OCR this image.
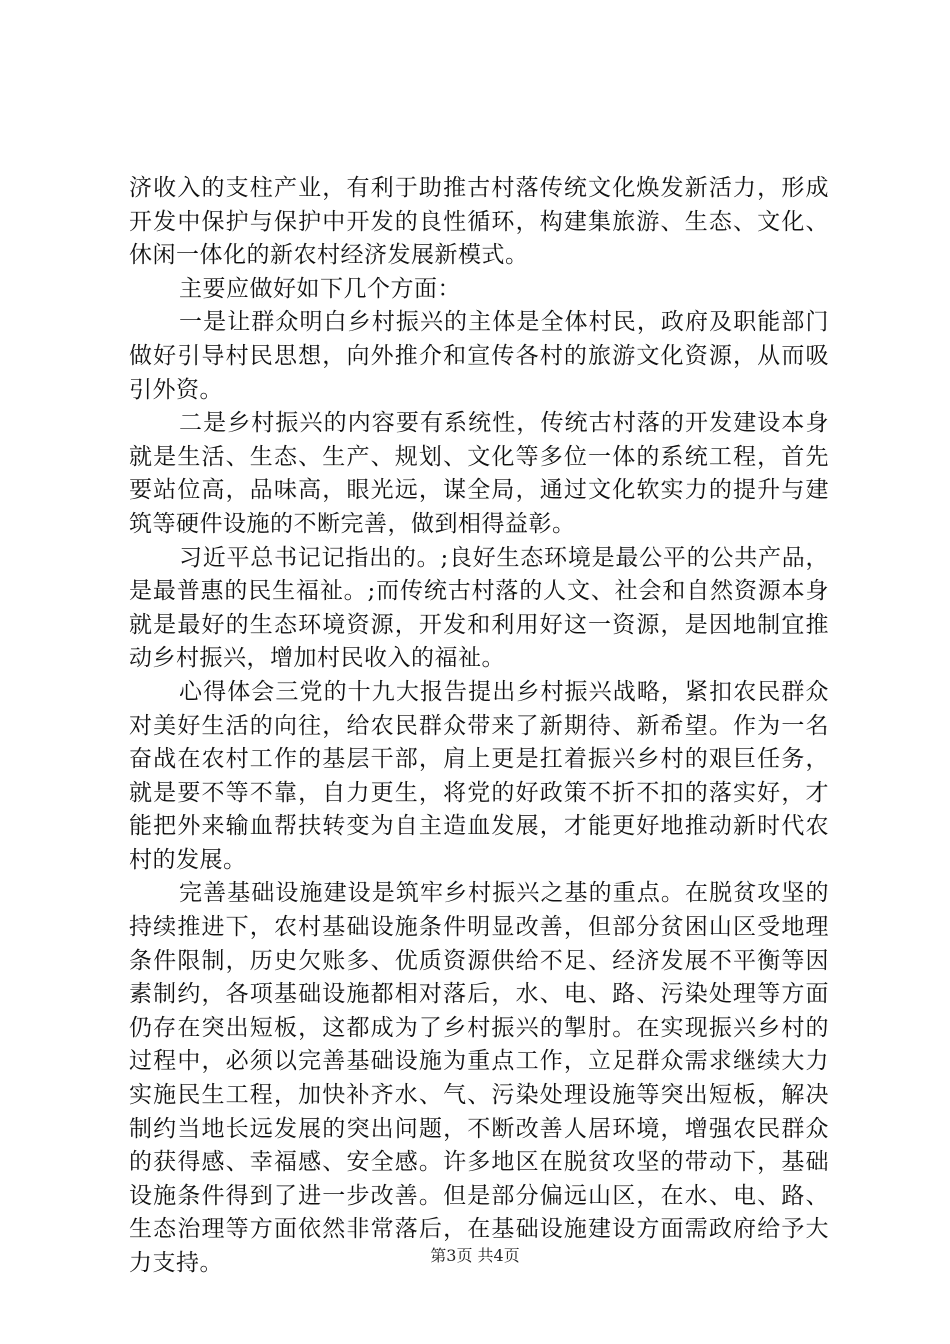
济收入的支柱产业，有利于助推古村落传统文化焕发新活力，形成开发中保护与保护中开发的良性循环，构建集旅游、生态、文化、休闲一体化的新农村经济发展新模式。

主要应做好如下几个方面：

一是让群众明白乡村振兴的主体是全体村民，政府及职能部门做好引导村民思想，向外推介和宣传各村的旅游文化资源，从而吸引外资。

二是乡村振兴的内容要有系统性，传统古村落的开发建设本身就是生活、生态、生产、规划、文化等多位一体的系统工程，首先要站位高，品味高，眼光远，谋全局，通过文化软实力的提升与建筑等硬件设施的不断完善，做到相得益彰。

习近平总书记记指出的。;良好生态环境是最公平的公共产品，是最普惠的民生福祉。;而传统古村落的人文、社会和自然资源本身就是最好的生态环境资源，开发和利用好这一资源，是因地制宜推动乡村振兴，增加村民收入的福祉。

心得体会三党的十九大报告提出乡村振兴战略，紧扣农民群众对美好生活的向往，给农民群众带来了新期待、新希望。作为一名奋战在农村工作的基层干部，肩上更是扛着振兴乡村的艰巨任务，就是要不等不靠，自力更生，将党的好政策不折不扣的落实好，才能把外来输血帮扶转变为自主造血发展，才能更好地推动新时代农村的发展。

完善基础设施建设是筑牢乡村振兴之基的重点。在脱贫攻坚的持续推进下，农村基础设施条件明显改善，但部分贫困山区受地理条件限制，历史欠账多、优质资源供给不足、经济发展不平衡等因素制约，各项基础设施都相对落后，水、电、路、污染处理等方面仍存在突出短板，这都成为了乡村振兴的掣肘。在实现振兴乡村的过程中，必须以完善基础设施为重点工作，立足群众需求继续大力实施民生工程，加快补齐水、气、污染处理设施等突出短板，解决制约当地长远发展的突出问题，不断改善人居环境，增强农民群众的获得感、幸福感、安全感。许多地区在脱贫攻坚的带动下，基础设施条件得到了进一步改善。但是部分偏远山区，在水、电、路、生态治理等方面依然非常落后，在基础设施建设方面需政府给予大力支持。	第3页 共4页
